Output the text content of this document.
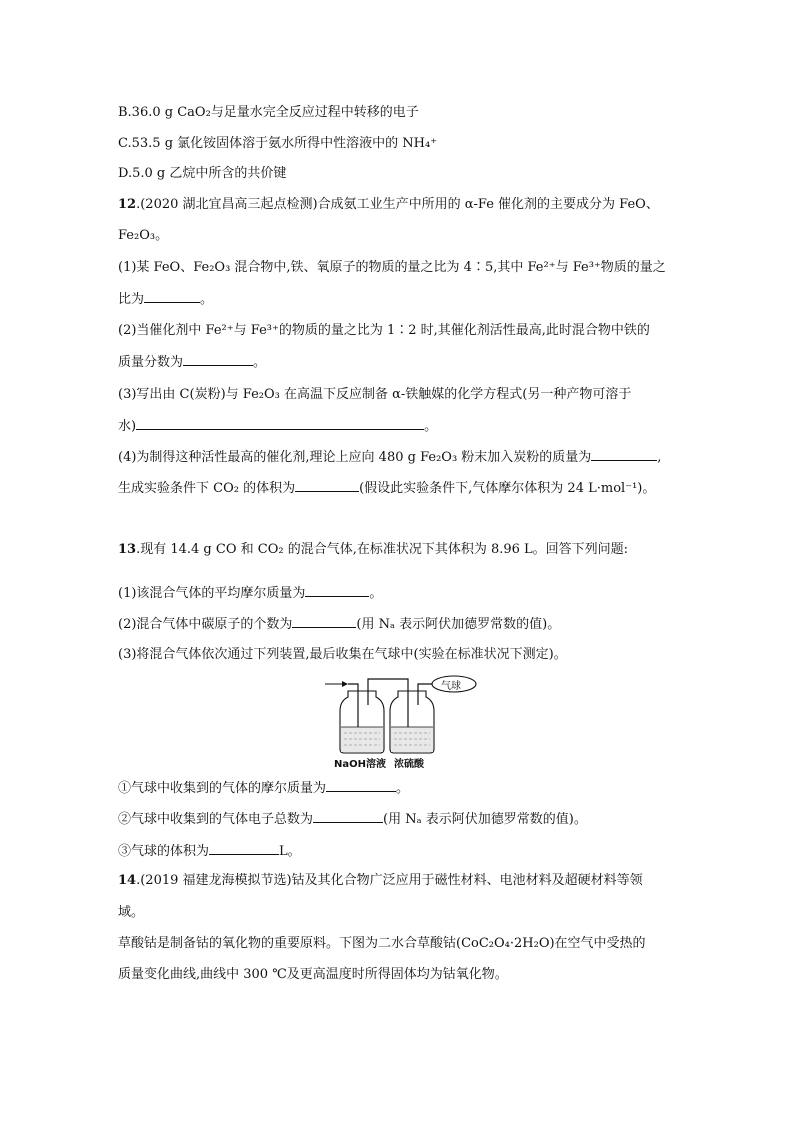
B.36.0 g CaO₂与足量水完全反应过程中转移的电子
C.53.5 g 氯化铵固体溶于氨水所得中性溶液中的 NH₄⁺
D.5.0 g 乙烷中所含的共价键
12.(2020 湖北宜昌高三起点检测)合成氨工业生产中所用的 α-Fe 催化剂的主要成分为 FeO、
Fe₂O₃。
(1)某 FeO、Fe₂O₃ 混合物中,铁、氧原子的物质的量之比为 4∶5,其中 Fe²⁺与 Fe³⁺物质的量之
比为	。
(2)当催化剂中 Fe²⁺与 Fe³⁺的物质的量之比为 1∶2 时,其催化剂活性最高,此时混合物中铁的
质量分数为	。
(3)写出由 C(炭粉)与 Fe₂O₃ 在高温下反应制备 α-铁触媒的化学方程式(另一种产物可溶于
水)	。
(4)为制得这种活性最高的催化剂,理论上应向 480 g Fe₂O₃ 粉末加入炭粉的质量为	,
生成实验条件下 CO₂ 的体积为	(假设此实验条件下,气体摩尔体积为 24 L·mol⁻¹)。
13.现有 14.4 g CO 和 CO₂ 的混合气体,在标准状况下其体积为 8.96 L。回答下列问题:
(1)该混合气体的平均摩尔质量为	。
(2)混合气体中碳原子的个数为	(用 Nₐ 表示阿伏加德罗常数的值)。
(3)将混合气体依次通过下列装置,最后收集在气球中(实验在标准状况下测定)。
气球
NaOH溶液 浓硫酸
①气球中收集到的气体的摩尔质量为	。
②气球中收集到的气体电子总数为	(用 Nₐ 表示阿伏加德罗常数的值)。
③气球的体积为	L。
14.(2019 福建龙海模拟节选)钴及其化合物广泛应用于磁性材料、电池材料及超硬材料等领
域。
草酸钴是制备钴的氧化物的重要原料。下图为二水合草酸钴(CoC₂O₄·2H₂O)在空气中受热的
质量变化曲线,曲线中 300 ℃及更高温度时所得固体均为钴氧化物。
